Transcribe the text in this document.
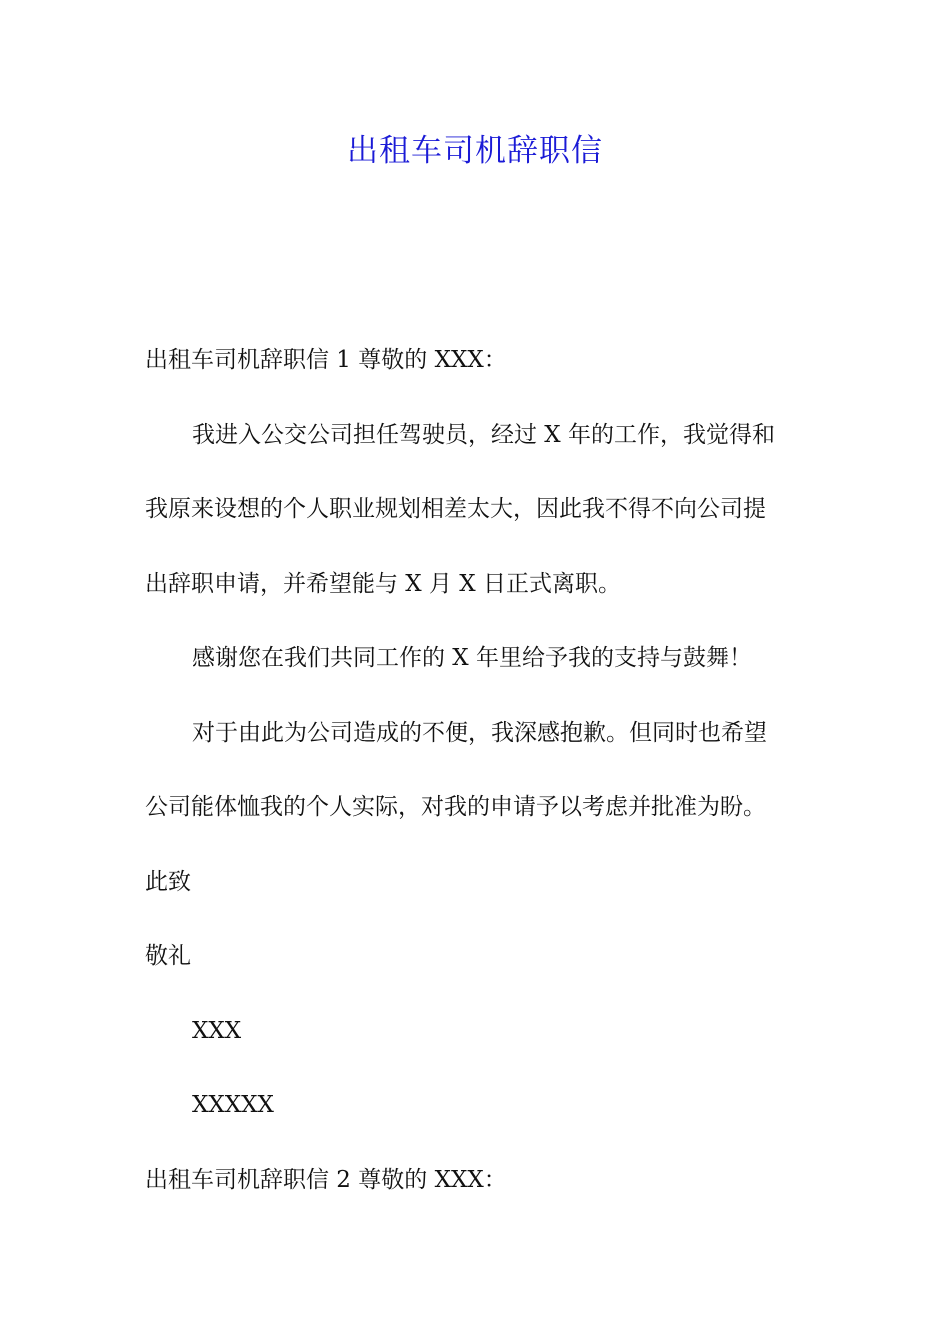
出租车司机辞职信
出租车司机辞职信 1 尊敬的 XXX：
我进入公交公司担任驾驶员，经过 X 年的工作，我觉得和
我原来设想的个人职业规划相差太大，因此我不得不向公司提
出辞职申请，并希望能与 X 月 X 日正式离职。
感谢您在我们共同工作的 X 年里给予我的支持与鼓舞！
对于由此为公司造成的不便，我深感抱歉。但同时也希望
公司能体恤我的个人实际，对我的申请予以考虑并批准为盼。
此致
敬礼
XXX
XXXXX
出租车司机辞职信 2 尊敬的 XXX：
